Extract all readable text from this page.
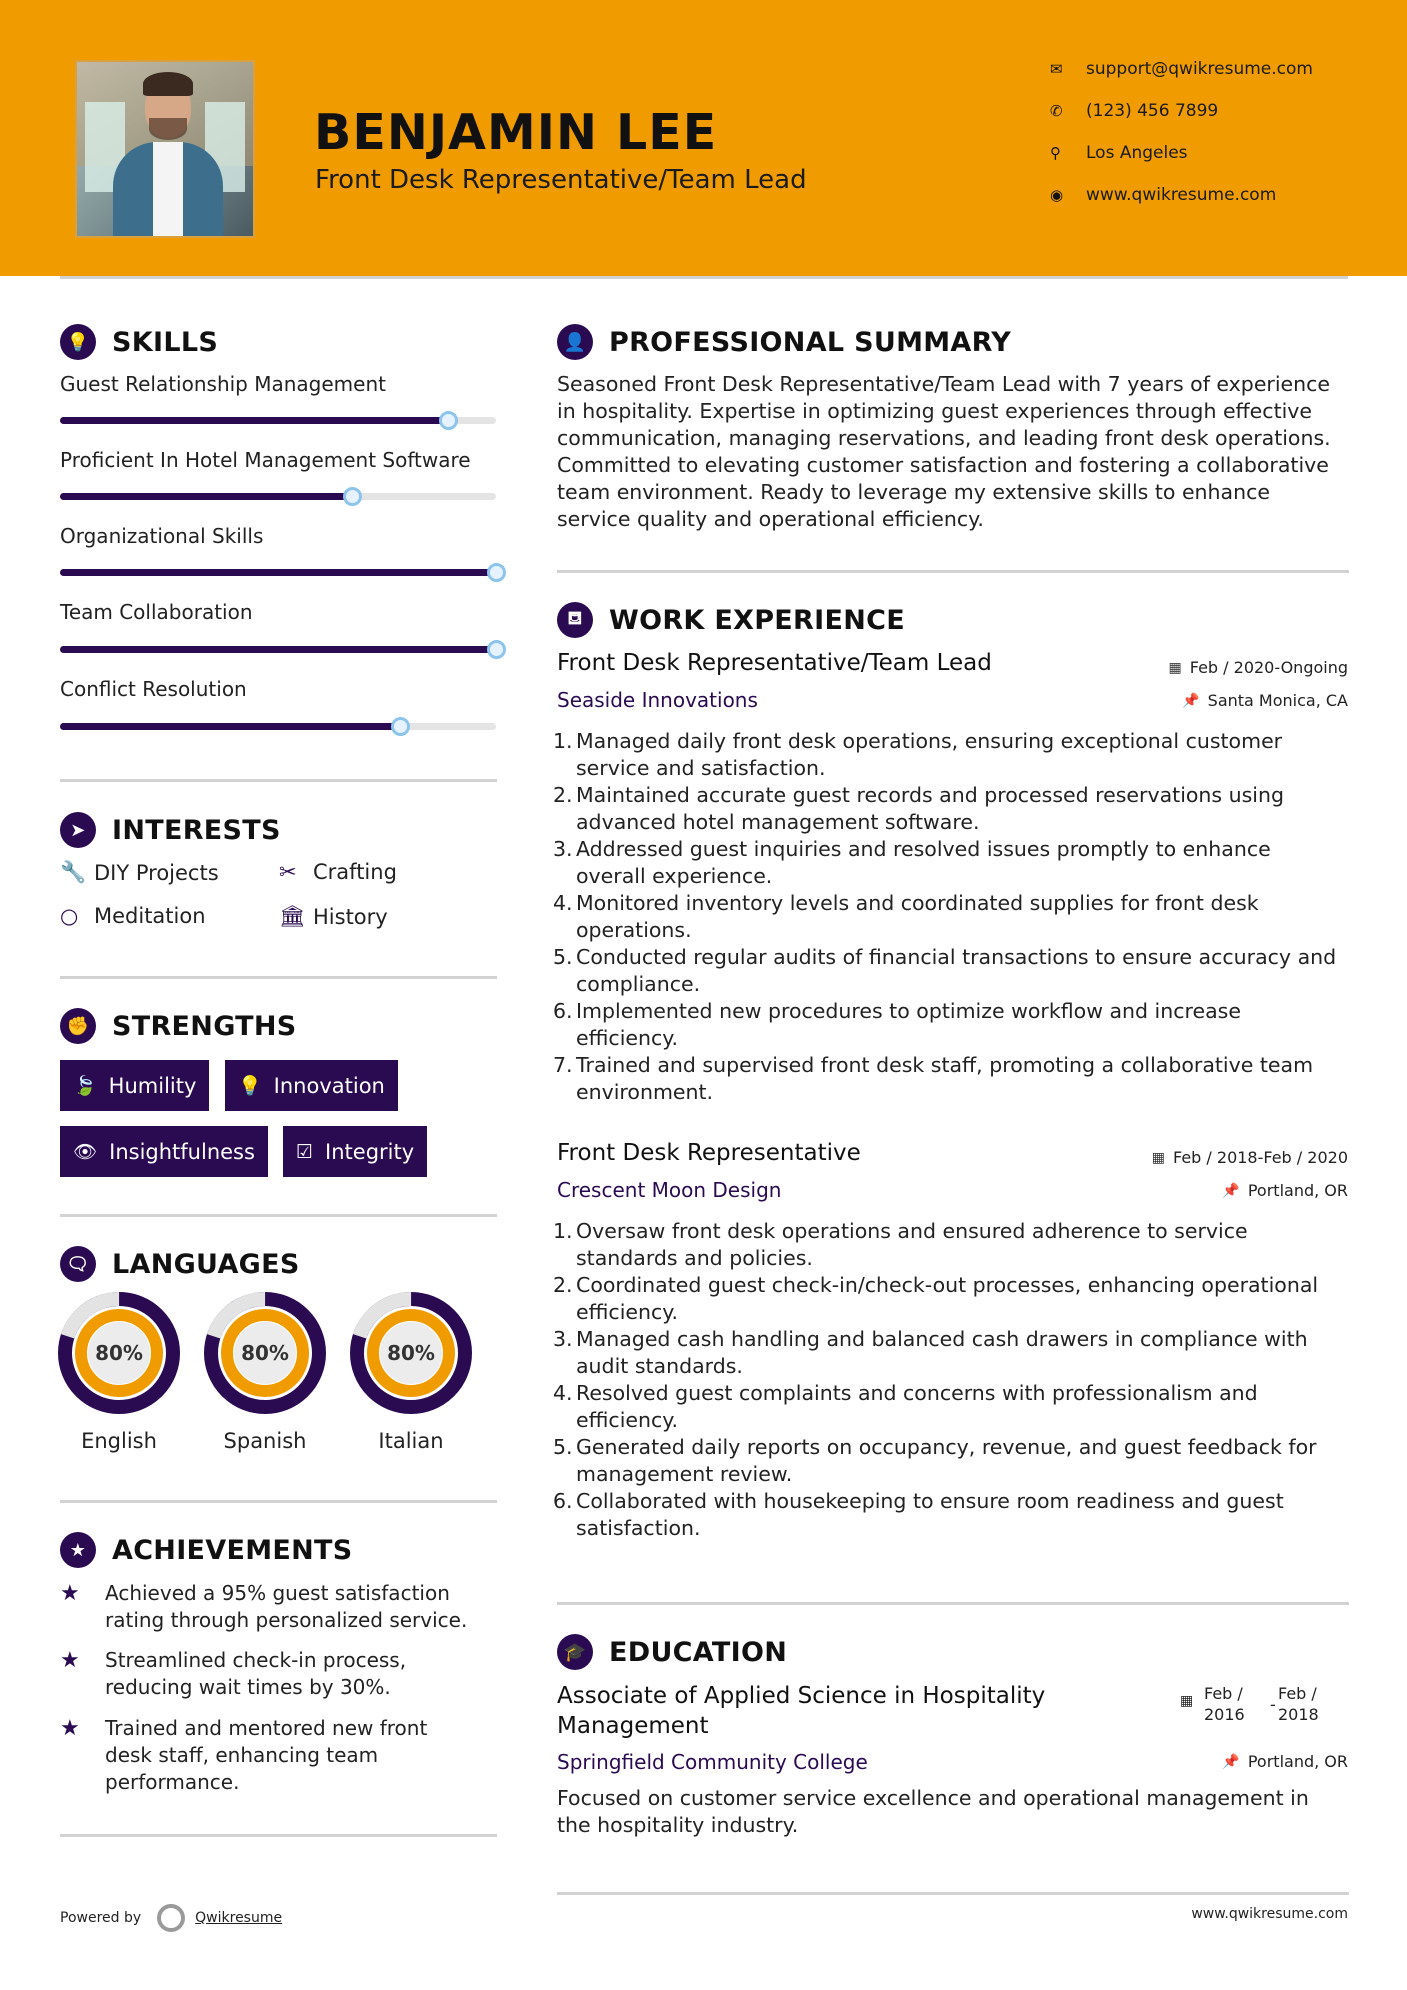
BENJAMIN LEE
Front Desk Representative/Team Lead
✉	support@qwikresume.com
✆	(123) 456 7899
⚲	Los Angeles
◉	www.qwikresume.com
💡 SKILLS
Guest Relationship Management
Proficient In Hotel Management Software
Organizational Skills
Team Collaboration
Conflict Resolution
➤ INTERESTS
🔧 DIY Projects	✂ Crafting
○ Meditation	🏛 History
✊ STRENGTHS
🍃 Humility 💡 Innovation
👁 Insightfulness ☑ Integrity
🗨 LANGUAGES
80%
English
80%
Spanish
80%
Italian
★ ACHIEVEMENTS
★	Achieved a 95% guest satisfaction
rating through personalized service.
★	Streamlined check-in process,
reducing wait times by 30%.
★	Trained and mentored new front
desk staff, enhancing team
performance.
Powered by	Qwikresume
👤 PROFESSIONAL SUMMARY
Seasoned Front Desk Representative/Team Lead with 7 years of experience
in hospitality. Expertise in optimizing guest experiences through effective
communication, managing reservations, and leading front desk operations.
Committed to elevating customer satisfaction and fostering a collaborative
team environment. Ready to leverage my extensive skills to enhance
service quality and operational efficiency.
⛾ WORK EXPERIENCE
Front Desk Representative/Team Lead	▦ Feb / 2020-Ongoing
Seaside Innovations	📌 Santa Monica, CA
1. Managed daily front desk operations, ensuring exceptional customer
service and satisfaction.
2. Maintained accurate guest records and processed reservations using
advanced hotel management software.
3. Addressed guest inquiries and resolved issues promptly to enhance
overall experience.
4. Monitored inventory levels and coordinated supplies for front desk
operations.
5. Conducted regular audits of financial transactions to ensure accuracy and
compliance.
6. Implemented new procedures to optimize workflow and increase
efficiency.
7. Trained and supervised front desk staff, promoting a collaborative team
environment.
Front Desk Representative	▦ Feb / 2018-Feb / 2020
Crescent Moon Design	📌 Portland, OR
1. Oversaw front desk operations and ensured adherence to service
standards and policies.
2. Coordinated guest check-in/check-out processes, enhancing operational
efficiency.
3. Managed cash handling and balanced cash drawers in compliance with
audit standards.
4. Resolved guest complaints and concerns with professionalism and
efficiency.
5. Generated daily reports on occupancy, revenue, and guest feedback for
management review.
6. Collaborated with housekeeping to ensure room readiness and guest
satisfaction.
🎓 EDUCATION
Associate of Applied Science in Hospitality
Management
▦ Feb /
2016
-
Feb /
2018
Springfield Community College	📌 Portland, OR
Focused on customer service excellence and operational management in
the hospitality industry.
www.qwikresume.com
